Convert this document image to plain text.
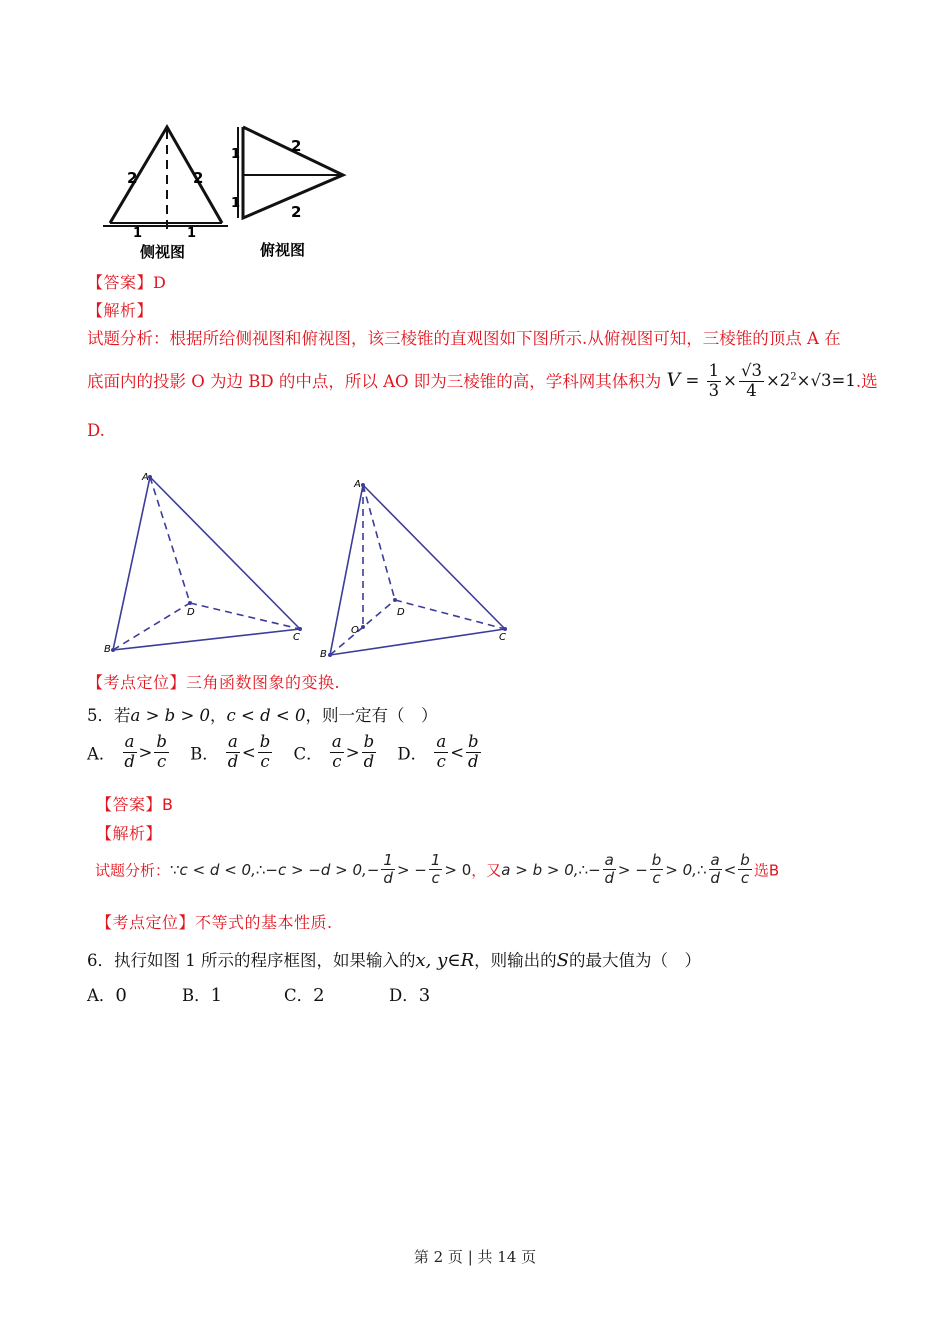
2	2
1	1
侧视图
2
2
1
1
俯视图
【答案】D
【解析】
试题分析：根据所给侧视图和俯视图，该三棱锥的直观图如下图所示.从俯视图可知，三棱锥的顶点 A 在
底面内的投影 O 为边 BD 的中点，所以 AO 即为三棱锥的高，学科网其体积为 $V = \frac{1}{3} \times \frac{√3}{4} \times 2^2\times√3=1$.选
D.
A
B
C
D
A
B
C
D
O
【考点定位】三角函数图象的变换.
5．若a > b > 0，c < d < 0，则一定有（　）
A． $\frac{a}{d} > \frac{b}{c}$ B． $\frac{a}{d} < \frac{b}{c}$ C． $\frac{a}{c} > \frac{b}{d}$ D． $\frac{a}{c} < \frac{b}{d}$
【答案】B
【解析】
试题分析：∵c < d < 0,∴−c > $-d > 0,- \frac{1}{d}$ > − $\frac{1}{c} > 0$，又a > b > 0,∴− $\frac{a}{d}$ > − $\frac{b}{c}$ > 0,∴ $\frac{a}{d} < \frac{b}{c}$ 选B
【考点定位】不等式的基本性质.
6．执行如图 1 所示的程序框图，如果输入的x, y∈R，则输出的S的最大值为（　）
A．0	B．1	C．2	D．3
第 2 页 | 共 14 页
